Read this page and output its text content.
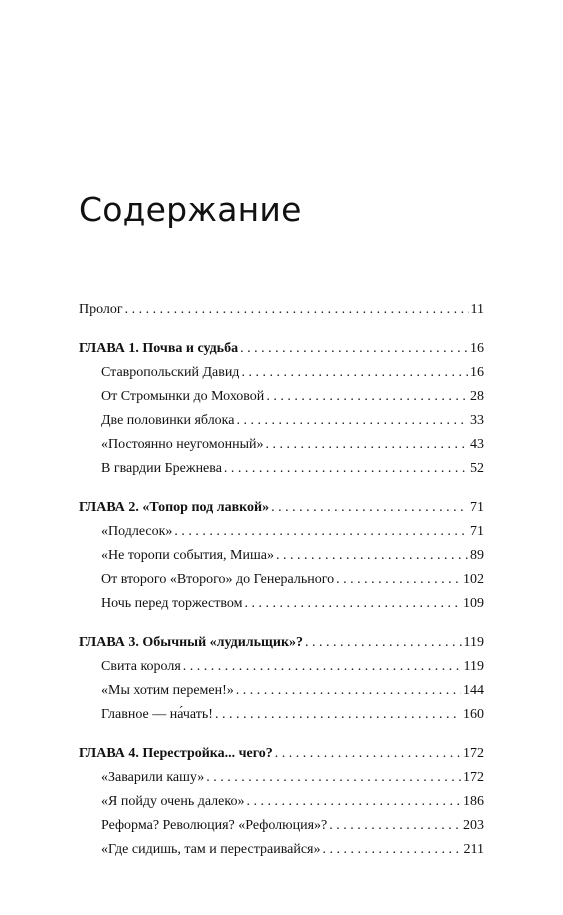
Содержание
Пролог . . .	11
ГЛАВА 1. Почва и судьба . . .	16
Ставропольский Давид . . .	16
От Стромынки до Моховой . . .	28
Две половинки яблока . . .	33
«Постоянно неугомонный» . . .	43
В гвардии Брежнева . . .	52
ГЛАВА 2. «Топор под лавкой» . . .	71
«Подлесок» . . .	71
«Не торопи события, Миша» . . .	89
От второго «Второго» до Генерального . . .	102
Ночь перед торжеством . . .	109
ГЛАВА 3. Обычный «лудильщик»? . . .	119
Свита короля . . .	119
«Мы хотим перемен!» . . .	144
Главное — на́чать! . . .	160
ГЛАВА 4. Перестройка... чего? . . .	172
«Заварили кашу» . . .	172
«Я пойду очень далеко» . . .	186
Реформа? Революция? «Рефолюция»? . . .	203
«Где сидишь, там и перестраивайся» . . .	211
